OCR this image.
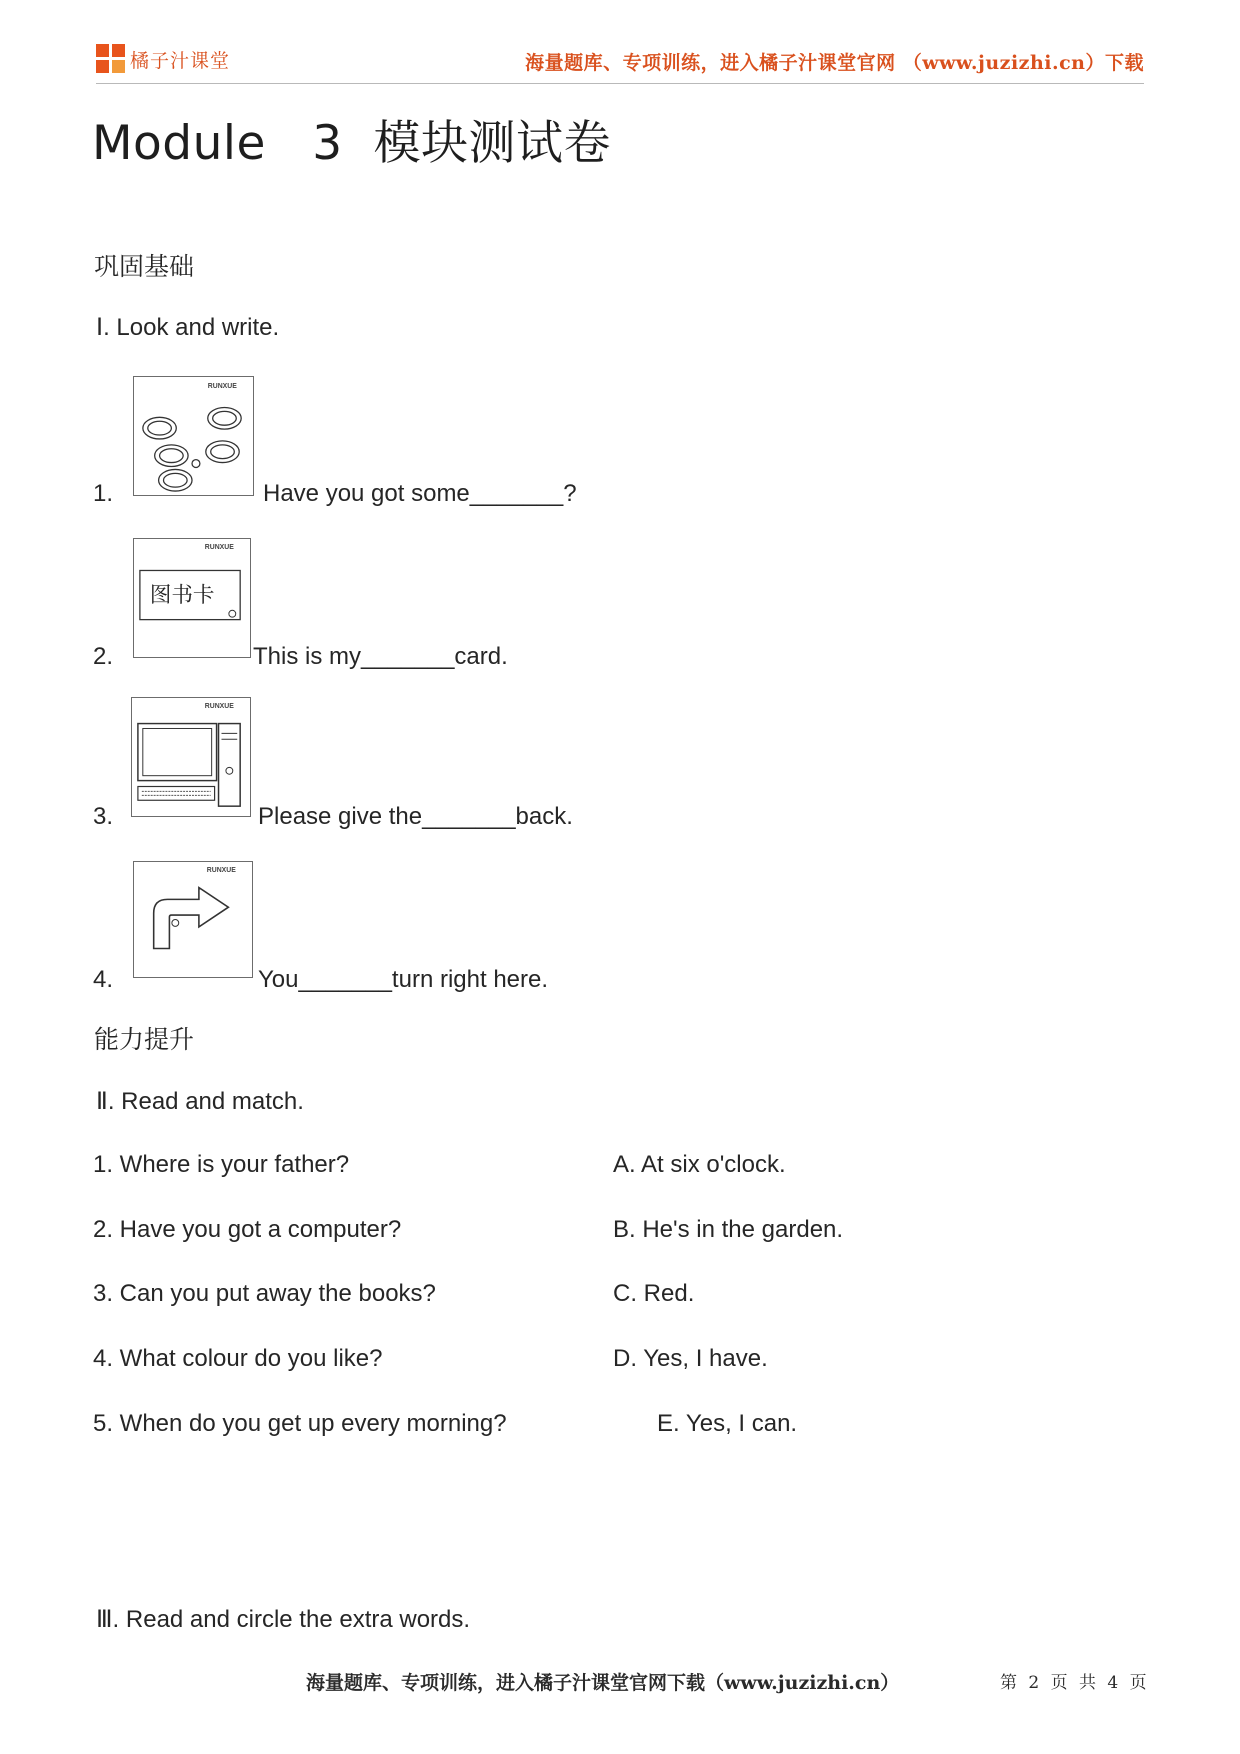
橘子汁课堂	海量题库、专项训练，进入橘子汁课堂官网 （www.juzizhi.cn）下载
Module   3  模块测试卷
巩固基础
Ⅰ. Look and write.
RUNXUE
1.	Have you got some_______?
RUNXUE
图书卡
2.	This is my_______card.
RUNXUE
3.	Please give the_______back.
RUNXUE
4.	You_______turn right here.
能力提升
Ⅱ. Read and match.
1. Where is your father?	A. At six o'clock.
2. Have you got a computer?	B. He's in the garden.
3. Can you put away the books?	C. Red.
4. What colour do you like?	D. Yes, I have.
5. When do you get up every morning?	E. Yes, I can.
Ⅲ. Read and circle the extra words.
海量题库、专项训练，进入橘子汁课堂官网下载（www.juzizhi.cn）	第 2 页 共 4 页
